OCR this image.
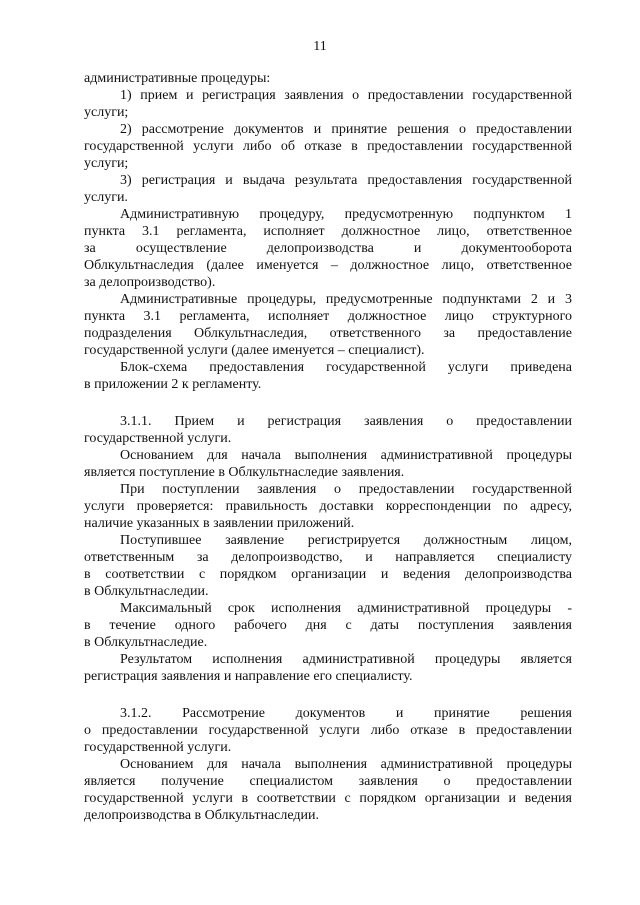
11
административные процедуры:
1) прием и регистрация заявления о предоставлении государственной
услуги;
2) рассмотрение документов и принятие решения о предоставлении
государственной услуги либо об отказе в предоставлении государственной
услуги;
3) регистрация и выдача результата предоставления государственной
услуги.
Административную процедуру, предусмотренную подпунктом 1
пункта 3.1 регламента, исполняет должностное лицо, ответственное
за осуществление делопроизводства и документооборота
Облкультнаследия (далее именуется – должностное лицо, ответственное
за делопроизводство).
Административные процедуры, предусмотренные подпунктами 2 и 3
пункта 3.1 регламента, исполняет должностное лицо структурного
подразделения Облкультнаследия, ответственного за предоставление
государственной услуги (далее именуется – специалист).
Блок-схема предоставления государственной услуги приведена
в приложении 2 к регламенту.
3.1.1. Прием и регистрация заявления о предоставлении
государственной услуги.
Основанием для начала выполнения административной процедуры
является поступление в Облкультнаследие заявления.
При поступлении заявления о предоставлении государственной
услуги проверяется: правильность доставки корреспонденции по адресу,
наличие указанных в заявлении приложений.
Поступившее заявление регистрируется должностным лицом,
ответственным за делопроизводство, и направляется специалисту
в соответствии с порядком организации и ведения делопроизводства
в Облкультнаследии.
Максимальный срок исполнения административной процедуры -
в течение одного рабочего дня с даты поступления заявления
в Облкультнаследие.
Результатом исполнения административной процедуры является
регистрация заявления и направление его специалисту.
3.1.2. Рассмотрение документов и принятие решения
о предоставлении государственной услуги либо отказе в предоставлении
государственной услуги.
Основанием для начала выполнения административной процедуры
является получение специалистом заявления о предоставлении
государственной услуги в соответствии с порядком организации и ведения
делопроизводства в Облкультнаследии.
